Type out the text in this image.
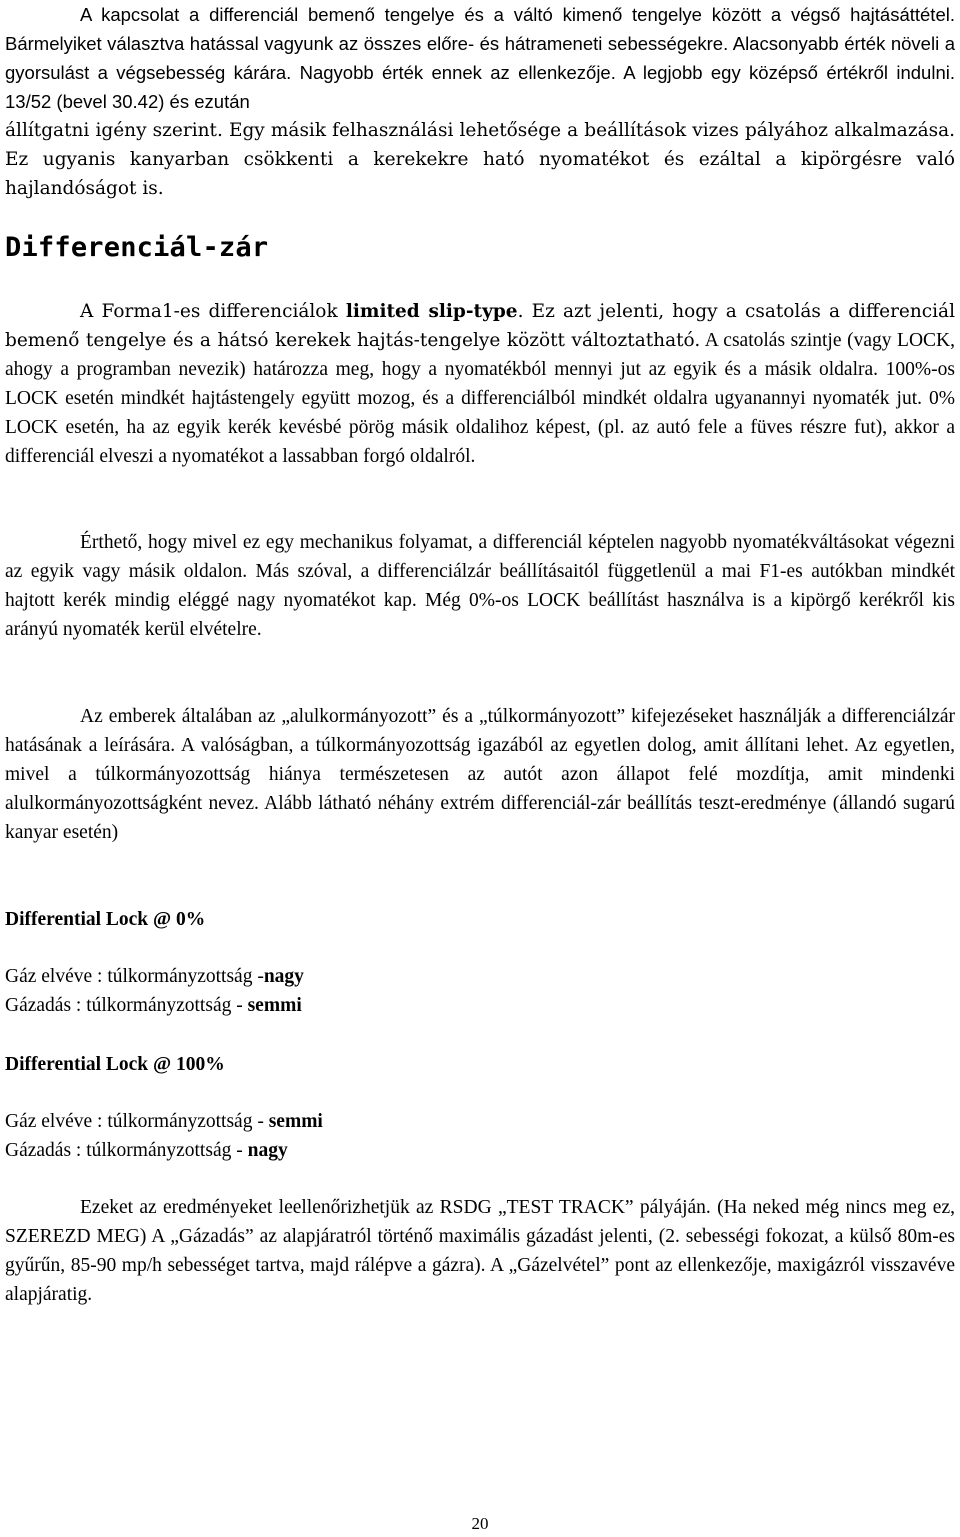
A kapcsolat a differenciál bemenő tengelye és a váltó kimenő tengelye között a végső hajtásáttétel. Bármelyiket választva hatással vagyunk az összes előre- és hátrameneti sebességekre. Alacsonyabb érték növeli a gyorsulást a végsebesség kárára. Nagyobb érték ennek az ellenkezője. A legjobb egy középső értékről indulni. 13/52 (bevel 30.42) és ezután

állítgatni igény szerint. Egy másik felhasználási lehetősége a beállítások vizes pályához alkalmazása. Ez ugyanis kanyarban csökkenti a kerekekre ható nyomatékot és ezáltal a kipörgésre való hajlandóságot is.

Differenciál-zár

A Forma1-es differenciálok limited slip-type. Ez azt jelenti, hogy a csatolás a differenciál bemenő tengelye és a hátsó kerekek hajtás-tengelye között változtatható. A csatolás szintje (vagy LOCK, ahogy a programban nevezik) határozza meg, hogy a nyomatékból mennyi jut az egyik és a másik oldalra. 100%-os LOCK esetén mindkét hajtástengely együtt mozog, és a differenciálból mindkét oldalra ugyanannyi nyomaték jut. 0% LOCK esetén, ha az egyik kerék kevésbé pörög másik oldalihoz képest, (pl. az autó fele a füves részre fut), akkor a differenciál elveszi a nyomatékot a lassabban forgó oldalról.

Érthető, hogy mivel ez egy mechanikus folyamat, a differenciál képtelen nagyobb nyomatékváltásokat végezni az egyik vagy másik oldalon. Más szóval, a differenciálzár beállításaitól függetlenül a mai F1-es autókban mindkét hajtott kerék mindig eléggé nagy nyomatékot kap. Még 0%-os LOCK beállítást használva is a kipörgő kerékről kis arányú nyomaték kerül elvételre.

Az emberek általában az „alulkormányozott” és a „túlkormányozott” kifejezéseket használják a differenciálzár hatásának a leírására. A valóságban, a túlkormányozottság igazából az egyetlen dolog, amit állítani lehet. Az egyetlen, mivel a túlkormányozottság hiánya természetesen az autót azon állapot felé mozdítja, amit mindenki alulkormányozottságként nevez. Alább látható néhány extrém differenciál-zár beállítás teszt-eredménye (állandó sugarú kanyar esetén)

Differential Lock @ 0%

Gáz elvéve : túlkormányzottság -nagy

Gázadás : túlkormányzottság - semmi

Differential Lock @ 100%

Gáz elvéve : túlkormányzottság - semmi

Gázadás : túlkormányzottság - nagy

Ezeket az eredményeket leellenőrizhetjük az RSDG „TEST TRACK” pályáján. (Ha neked még nincs meg ez, SZEREZD MEG) A „Gázadás” az alapjáratról történő maximális gázadást jelenti, (2. sebességi fokozat, a külső 80m-es gyűrűn, 85-90 mp/h sebességet tartva, majd rálépve a gázra). A „Gázelvétel” pont az ellenkezője, maxigázról visszavéve alapjáratig.

20
